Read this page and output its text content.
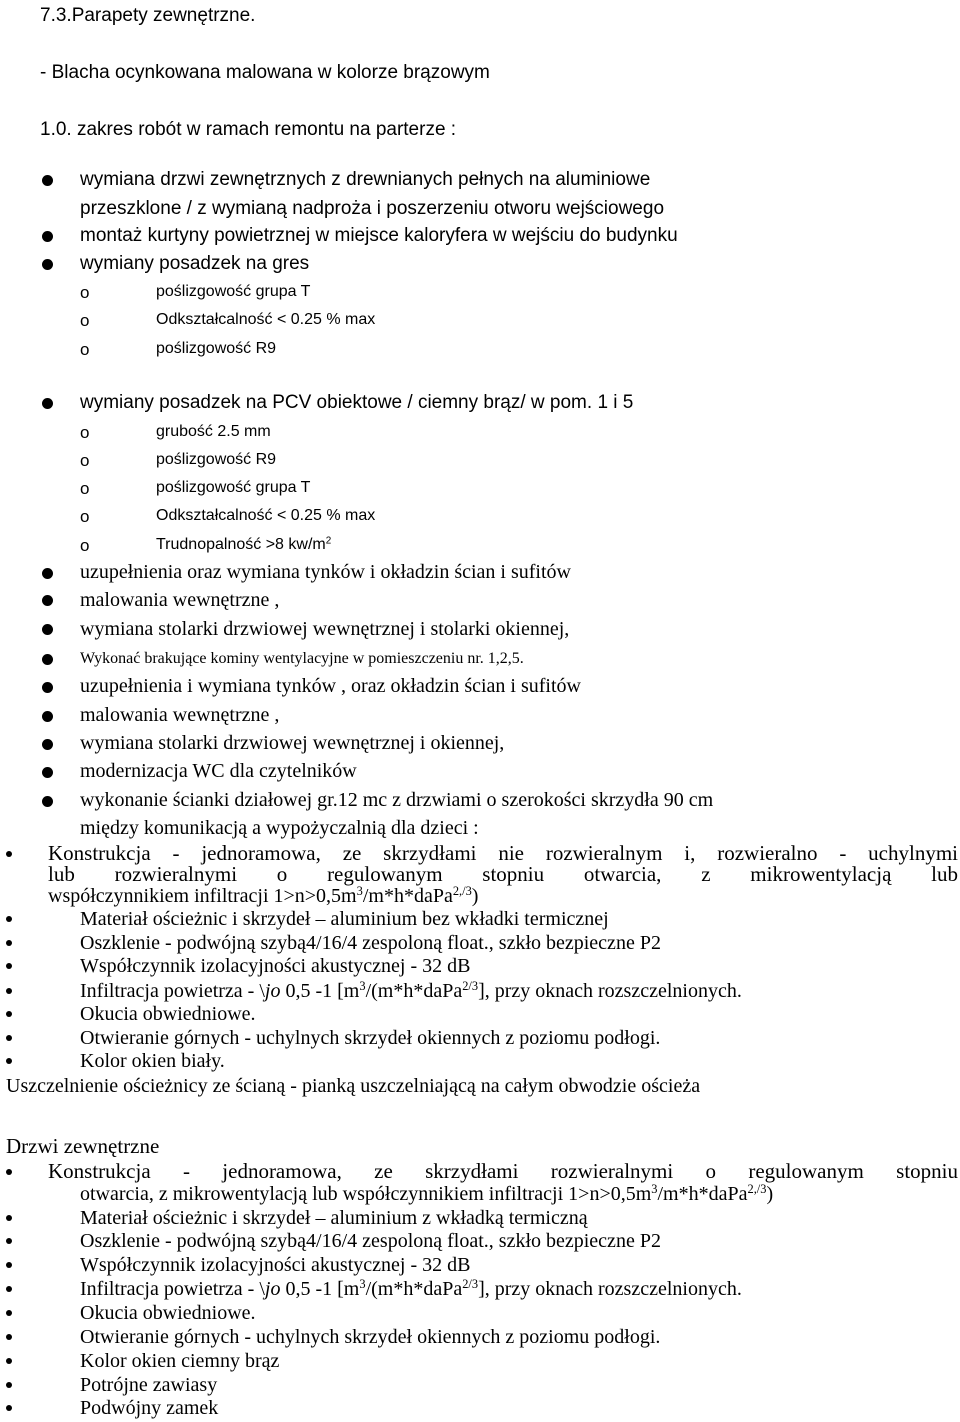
7.3.Parapety zewnętrzne.
- Blacha ocynkowana malowana w kolorze brązowym
1.0. zakres robót w ramach remontu na parterze :
wymiana drzwi zewnętrznych z drewnianych pełnych na aluminiowe
przeszklone / z wymianą nadproża i poszerzeniu otworu wejściowego
montaż kurtyny powietrznej w miejsce kaloryfera w wejściu do budynku
wymiany posadzek na gres
o	poślizgowość grupa T
o	Odkształcalność < 0.25 % max
o	poślizgowość R9
wymiany posadzek na PCV obiektowe / ciemny brąz/ w pom. 1 i 5
o	grubość 2.5 mm
o	poślizgowość R9
o	poślizgowość grupa T
o	Odkształcalność < 0.25 % max
o	Trudnopalność >8 $kw/m^2$
uzupełnienia oraz wymiana tynków i okładzin ścian i sufitów
malowania wewnętrzne ,
wymiana stolarki drzwiowej wewnętrznej i stolarki okiennej,
Wykonać brakujące kominy wentylacyjne w pomieszczeniu nr. 1,2,5.
uzupełnienia i wymiana tynków , oraz okładzin ścian i sufitów
malowania wewnętrzne ,
wymiana stolarki drzwiowej wewnętrznej i okiennej,
modernizacja WC dla czytelników
wykonanie ścianki działowej gr.12 mc z drzwiami o szerokości skrzydła 90 cm
między komunikacją a wypożyczalnią dla dzieci :
Konstrukcja - jednoramowa, ze skrzydłami nie rozwieralnym i, rozwieralno - uchylnymi
lub rozwieralnymi o regulowanym stopniu otwarcia, z mikrowentylacją lub
współczynnikiem infiltracji $1>n>0,5m^3/m*h*daPa^{2,/3}$)
Materiał ościeżnic i skrzydeł – aluminium bez wkładki termicznej
Oszklenie - podwójną szybą4/16/4 zespoloną float., szkło bezpieczne P2
Współczynnik izolacyjności akustycznej - 32 dB
Infiltracja powietrza - \jo 0,5 -1 [$m^3/(m*h*daPa^{2/3}]$, przy oknach rozszczelnionych.
Okucia obwiedniowe.
Otwieranie górnych - uchylnych skrzydeł okiennych z poziomu podłogi.
Kolor okien biały.
Uszczelnienie ościeżnicy ze ścianą - pianką uszczelniającą na całym obwodzie ościeża
Drzwi zewnętrzne
Konstrukcja - jednoramowa, ze skrzydłami rozwieralnymi o regulowanym stopniu
otwarcia, z mikrowentylacją lub współczynnikiem infiltracji $1>n>0,5m^3/m*h*daPa^{2,/3}$)
Materiał ościeżnic i skrzydeł – aluminium z wkładką termiczną
Oszklenie - podwójną szybą4/16/4 zespoloną float., szkło bezpieczne P2
Współczynnik izolacyjności akustycznej - 32 dB
Infiltracja powietrza - \jo 0,5 -1 [$m^3/(m*h*daPa^{2/3}]$, przy oknach rozszczelnionych.
Okucia obwiedniowe.
Otwieranie górnych - uchylnych skrzydeł okiennych z poziomu podłogi.
Kolor okien ciemny brąz
Potrójne zawiasy
Podwójny zamek
